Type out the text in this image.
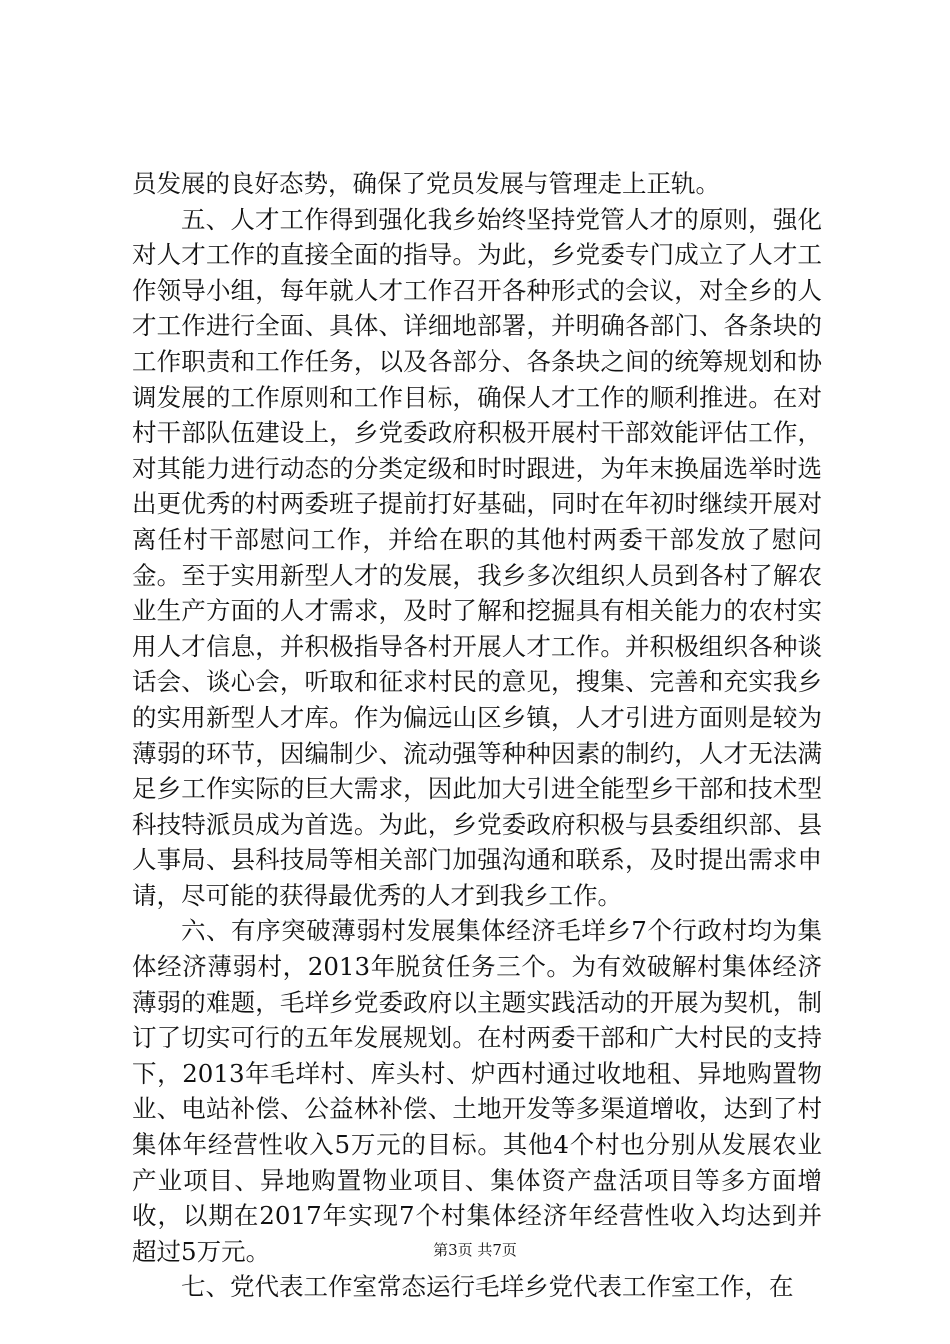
员发展的良好态势，确保了党员发展与管理走上正轨。

五、人才工作得到强化我乡始终坚持党管人才的原则，强化对人才工作的直接全面的指导。为此，乡党委专门成立了人才工作领导小组，每年就人才工作召开各种形式的会议，对全乡的人才工作进行全面、具体、详细地部署，并明确各部门、各条块的工作职责和工作任务，以及各部分、各条块之间的统筹规划和协调发展的工作原则和工作目标，确保人才工作的顺利推进。在对村干部队伍建设上，乡党委政府积极开展村干部效能评估工作，对其能力进行动态的分类定级和时时跟进，为年末换届选举时选出更优秀的村两委班子提前打好基础，同时在年初时继续开展对离任村干部慰问工作，并给在职的其他村两委干部发放了慰问金。至于实用新型人才的发展，我乡多次组织人员到各村了解农业生产方面的人才需求，及时了解和挖掘具有相关能力的农村实用人才信息，并积极指导各村开展人才工作。并积极组织各种谈话会、谈心会，听取和征求村民的意见，搜集、完善和充实我乡的实用新型人才库。作为偏远山区乡镇，人才引进方面则是较为薄弱的环节，因编制少、流动强等种种因素的制约，人才无法满足乡工作实际的巨大需求，因此加大引进全能型乡干部和技术型科技特派员成为首选。为此，乡党委政府积极与县委组织部、县人事局、县科技局等相关部门加强沟通和联系，及时提出需求申请，尽可能的获得最优秀的人才到我乡工作。

六、有序突破薄弱村发展集体经济毛垟乡7个行政村均为集体经济薄弱村，2013年脱贫任务三个。为有效破解村集体经济薄弱的难题，毛垟乡党委政府以主题实践活动的开展为契机，制订了切实可行的五年发展规划。在村两委干部和广大村民的支持下，2013年毛垟村、库头村、炉西村通过收地租、异地购置物业、电站补偿、公益林补偿、土地开发等多渠道增收，达到了村集体年经营性收入5万元的目标。其他4个村也分别从发展农业产业项目、异地购置物业项目、集体资产盘活项目等多方面增收，以期在2017年实现7个村集体经济年经营性收入均达到并超过5万元。

七、党代表工作室常态运行毛垟乡党代表工作室工作，在

第3页 共7页
